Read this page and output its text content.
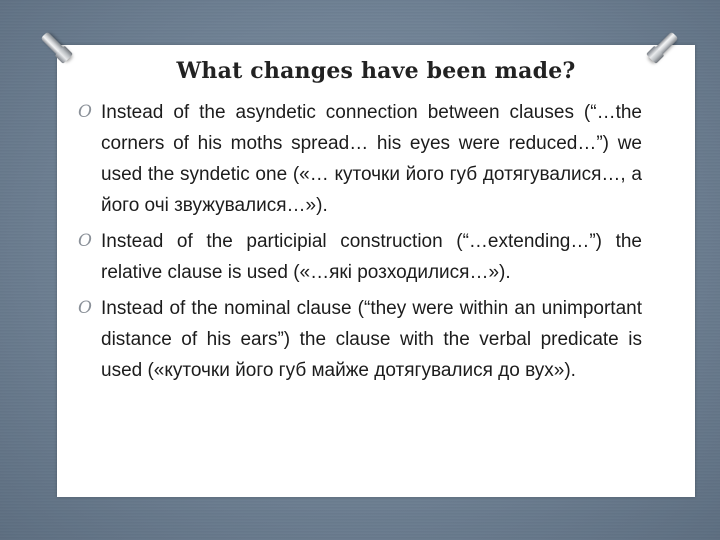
What changes have been made?
O Instead of the asyndetic connection between clauses (“…the corners of his moths spread… his eyes were reduced…”) we used the syndetic one («… куточки його губ дотягувалися…, а його очі звужувалися…»).
O Instead of the participial construction (“…extending…”) the relative clause is used («…які розходилися…»).
O Instead of the nominal clause (“they were within an unimportant distance of his ears”) the clause with the verbal predicate is used («куточки його губ майже дотягувалися до вух»).
